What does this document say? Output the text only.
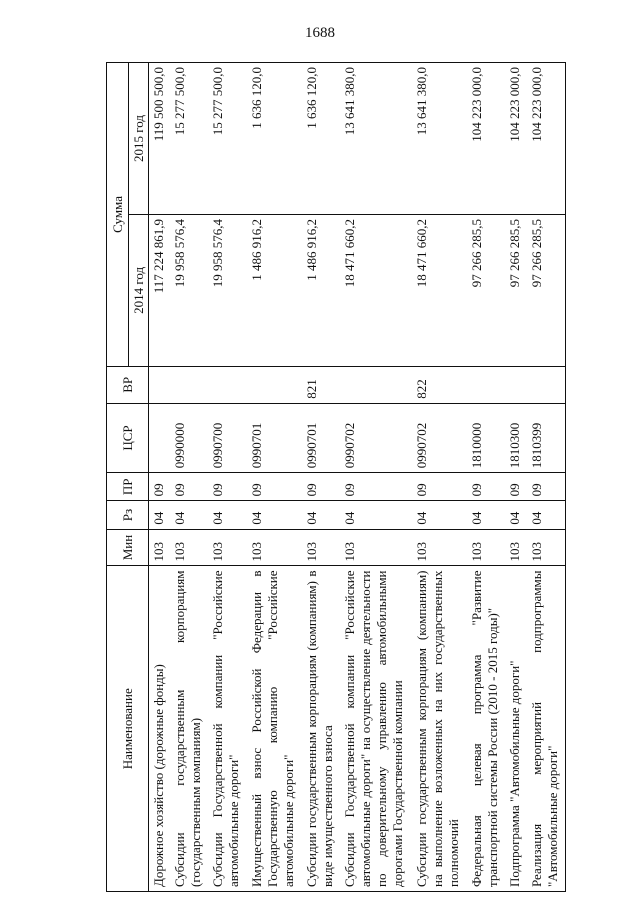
1688
Наименование	Мин	Рз	ПР	ЦСР	ВР	Сумма	
						2014 год	2015 год
Дорожное хозяйство (дорожные фонды)	103	04	09			117 224 861,9	119 500 500,0
Субсидии государственным корпорациям (государственным компаниям)	103	04	09	0990000		19 958 576,4	15 277 500,0
Субсидии Государственной компании "Российские автомобильные дороги"	103	04	09	0990700		19 958 576,4	15 277 500,0
Имущественный взнос Российской Федерации в Государственную компанию "Российские автомобильные дороги"	103	04	09	0990701		1 486 916,2	1 636 120,0
Субсидии государственным корпорациям (компаниям) в виде имущественного взноса	103	04	09	0990701	821	1 486 916,2	1 636 120,0
Субсидии Государственной компании "Российские автомобильные дороги" на осуществление деятельности по доверительному управлению автомобильными дорогами Государственной компании	103	04	09	0990702		18 471 660,2	13 641 380,0
Субсидии государственным корпорациям (компаниям) на выполнение возложенных на них государственных полномочий	103	04	09	0990702	822	18 471 660,2	13 641 380,0
Федеральная целевая программа "Развитие транспортной системы России (2010 - 2015 годы)"	103	04	09	1810000		97 266 285,5	104 223 000,0
Подпрограмма "Автомобильные дороги"	103	04	09	1810300		97 266 285,5	104 223 000,0
Реализация мероприятий подпрограммы "Автомобильные дороги"	103	04	09	1810399		97 266 285,5	104 223 000,0
